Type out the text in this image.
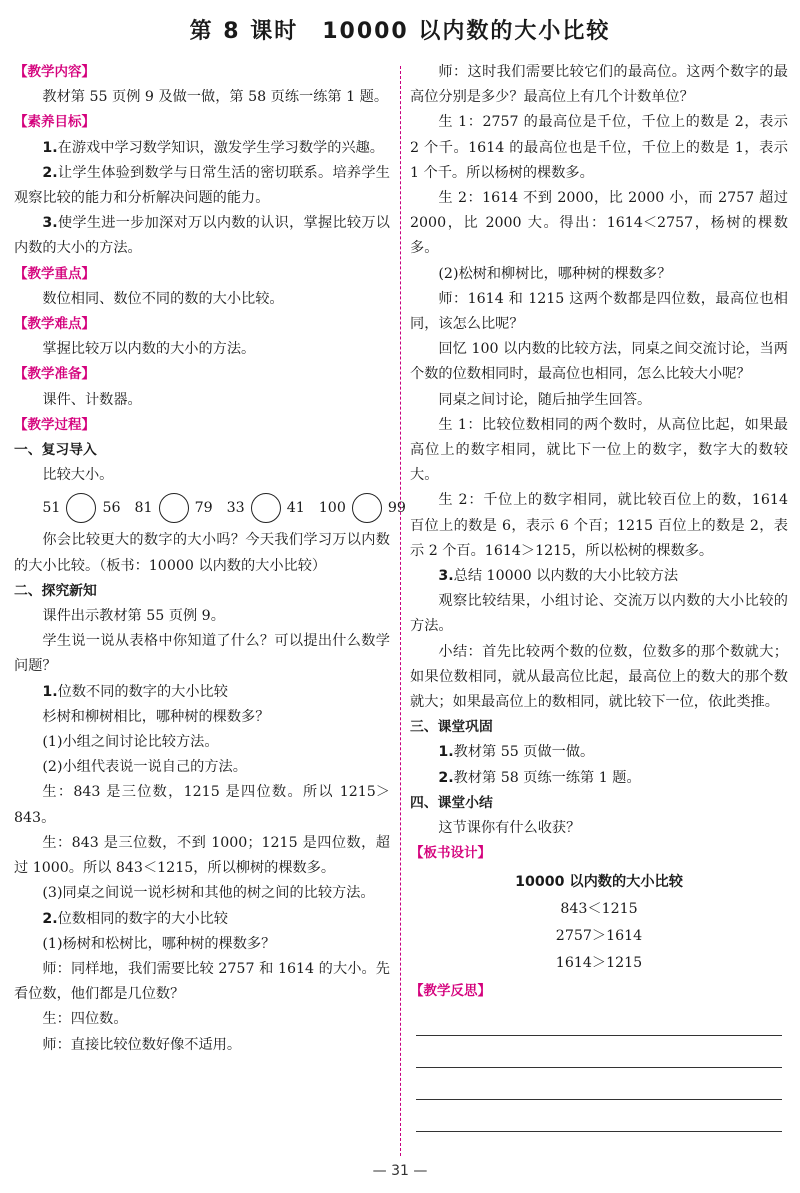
第 8 课时　10000 以内数的大小比较

【教学内容】

教材第 55 页例 9 及做一做，第 58 页练一练第 1 题。

【素养目标】

1.在游戏中学习数学知识，激发学生学习数学的兴趣。

2.让学生体验到数学与日常生活的密切联系。培养学生观察比较的能力和分析解决问题的能力。

3.使学生进一步加深对万以内数的认识，掌握比较万以内数的大小的方法。

【教学重点】

数位相同、数位不同的数的大小比较。

【教学难点】

掌握比较万以内数的大小的方法。

【教学准备】

课件、计数器。

【教学过程】

一、复习导入

比较大小。

51	56 81	79 33	41 100	99

你会比较更大的数字的大小吗？今天我们学习万以内数的大小比较。（板书：10000 以内数的大小比较）

二、探究新知

课件出示教材第 55 页例 9。

学生说一说从表格中你知道了什么？可以提出什么数学问题？

1.位数不同的数字的大小比较

杉树和柳树相比，哪种树的棵数多？

(1)小组之间讨论比较方法。

(2)小组代表说一说自己的方法。

生：843 是三位数，1215 是四位数。所以 1215＞843。

生：843 是三位数，不到 1000；1215 是四位数，超过 1000。所以 843＜1215，所以柳树的棵数多。

(3)同桌之间说一说杉树和其他的树之间的比较方法。

2.位数相同的数字的大小比较

(1)杨树和松树比，哪种树的棵数多？

师：同样地，我们需要比较 2757 和 1614 的大小。先看位数，他们都是几位数？

生：四位数。

师：直接比较位数好像不适用。

师：这时我们需要比较它们的最高位。这两个数字的最高位分别是多少？最高位上有几个计数单位？

生 1：2757 的最高位是千位，千位上的数是 2，表示 2 个千。1614 的最高位也是千位，千位上的数是 1，表示 1 个千。所以杨树的棵数多。

生 2：1614 不到 2000，比 2000 小，而 2757 超过 2000，比 2000 大。得出：1614＜2757，杨树的棵数多。

(2)松树和柳树比，哪种树的棵数多？

师：1614 和 1215 这两个数都是四位数，最高位也相同，该怎么比呢？

回忆 100 以内数的比较方法，同桌之间交流讨论，当两个数的位数相同时，最高位也相同，怎么比较大小呢？

同桌之间讨论，随后抽学生回答。

生 1：比较位数相同的两个数时，从高位比起，如果最高位上的数字相同，就比下一位上的数字，数字大的数较大。

生 2：千位上的数字相同，就比较百位上的数，1614 百位上的数是 6，表示 6 个百；1215 百位上的数是 2，表示 2 个百。1614＞1215，所以松树的棵数多。

3.总结 10000 以内数的大小比较方法

观察比较结果，小组讨论、交流万以内数的大小比较的方法。

小结：首先比较两个数的位数，位数多的那个数就大；如果位数相同，就从最高位比起，最高位上的数大的那个数就大；如果最高位上的数相同，就比较下一位，依此类推。

三、课堂巩固

1.教材第 55 页做一做。

2.教材第 58 页练一练第 1 题。

四、课堂小结

这节课你有什么收获？

【板书设计】

10000 以内数的大小比较

843＜1215

2757＞1614

1614＞1215

【教学反思】

— 31 —
